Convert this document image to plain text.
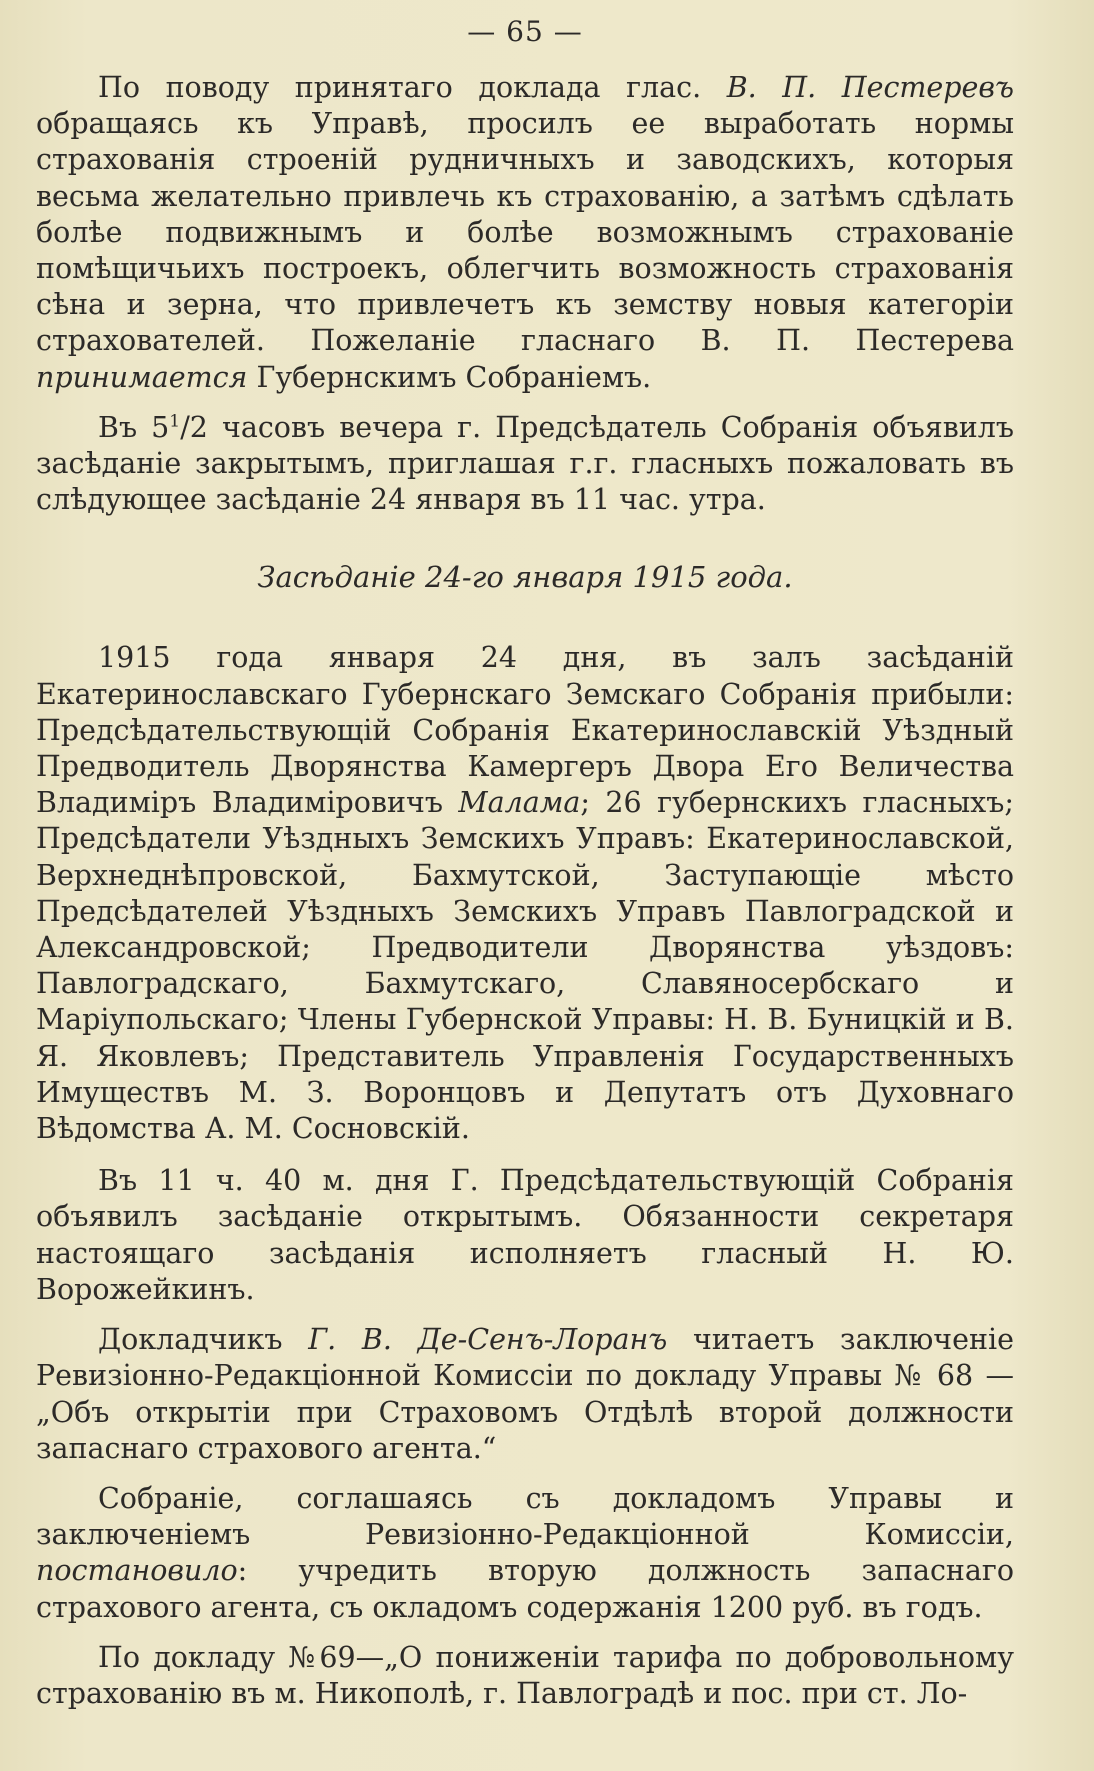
— 65 —

По поводу принятаго доклада глас. В. П. Пестеревъ обращаясь къ Управѣ, просилъ ее выработать нормы страхованія строеній рудничныхъ и заводскихъ, которыя весьма желательно привлечь къ страхованію, а затѣмъ сдѣлать болѣе подвижнымъ и болѣе возможнымъ страхованіе помѣщичьихъ построекъ, облегчить возможность страхованія сѣна и зерна, что привлечетъ къ земству новыя категоріи страхователей. Пожеланіе гласнаго В. П. Пестерева принимается Губернскимъ Собраніемъ.

Въ $5^1/2$ часовъ вечера г. Предсѣдатель Собранія объявилъ засѣданіе закрытымъ, приглашая г.г. гласныхъ пожаловать въ слѣдующее засѣданіе 24 января въ 11 час. утра.

Засѣданіе 24-го января 1915 года.

1915 года января 24 дня, въ залъ засѣданій Екатеринославскаго Губернскаго Земскаго Собранія прибыли: Предсѣдательствующій Собранія Екатеринославскій Уѣздный Предводитель Дворянства Камергеръ Двора Его Величества Владиміръ Владиміровичъ Малама; 26 губернскихъ гласныхъ; Предсѣдатели Уѣздныхъ Земскихъ Управъ: Екатеринославской, Верхнеднѣпровской, Бахмутской, Заступающіе мѣсто Предсѣдателей Уѣздныхъ Земскихъ Управъ Павлоградской и Александровской; Предводители Дворянства уѣздовъ: Павлоградскаго, Бахмутскаго, Славяносербскаго и Маріупольскаго; Члены Губернской Управы: Н. В. Буницкій и В. Я. Яковлевъ; Представитель Управленія Государственныхъ Имуществъ М. З. Воронцовъ и Депутатъ отъ Духовнаго Вѣдомства А. М. Сосновскій.

Въ 11 ч. 40 м. дня Г. Предсѣдательствующій Собранія объявилъ засѣданіе открытымъ. Обязанности секретаря настоящаго засѣданія исполняетъ гласный Н. Ю. Ворожейкинъ.

Докладчикъ Г. В. Де-Сенъ-Лоранъ читаетъ заключеніе Ревизіонно-Редакціонной Комиссіи по докладу Управы № 68 —„Объ открытіи при Страховомъ Отдѣлѣ второй должности запаснаго страхового агента.“

Собраніе, соглашаясь съ докладомъ Управы и заключеніемъ Ревизіонно-Редакціонной Комиссіи, постановило: учредить вторую должность запаснаго страхового агента, съ окладомъ содержанія 1200 руб. въ годъ.

По докладу №69—„О пониженіи тарифа по добровольному страхованію въ м. Никополѣ, г. Павлоградѣ и пос. при ст. Ло-
